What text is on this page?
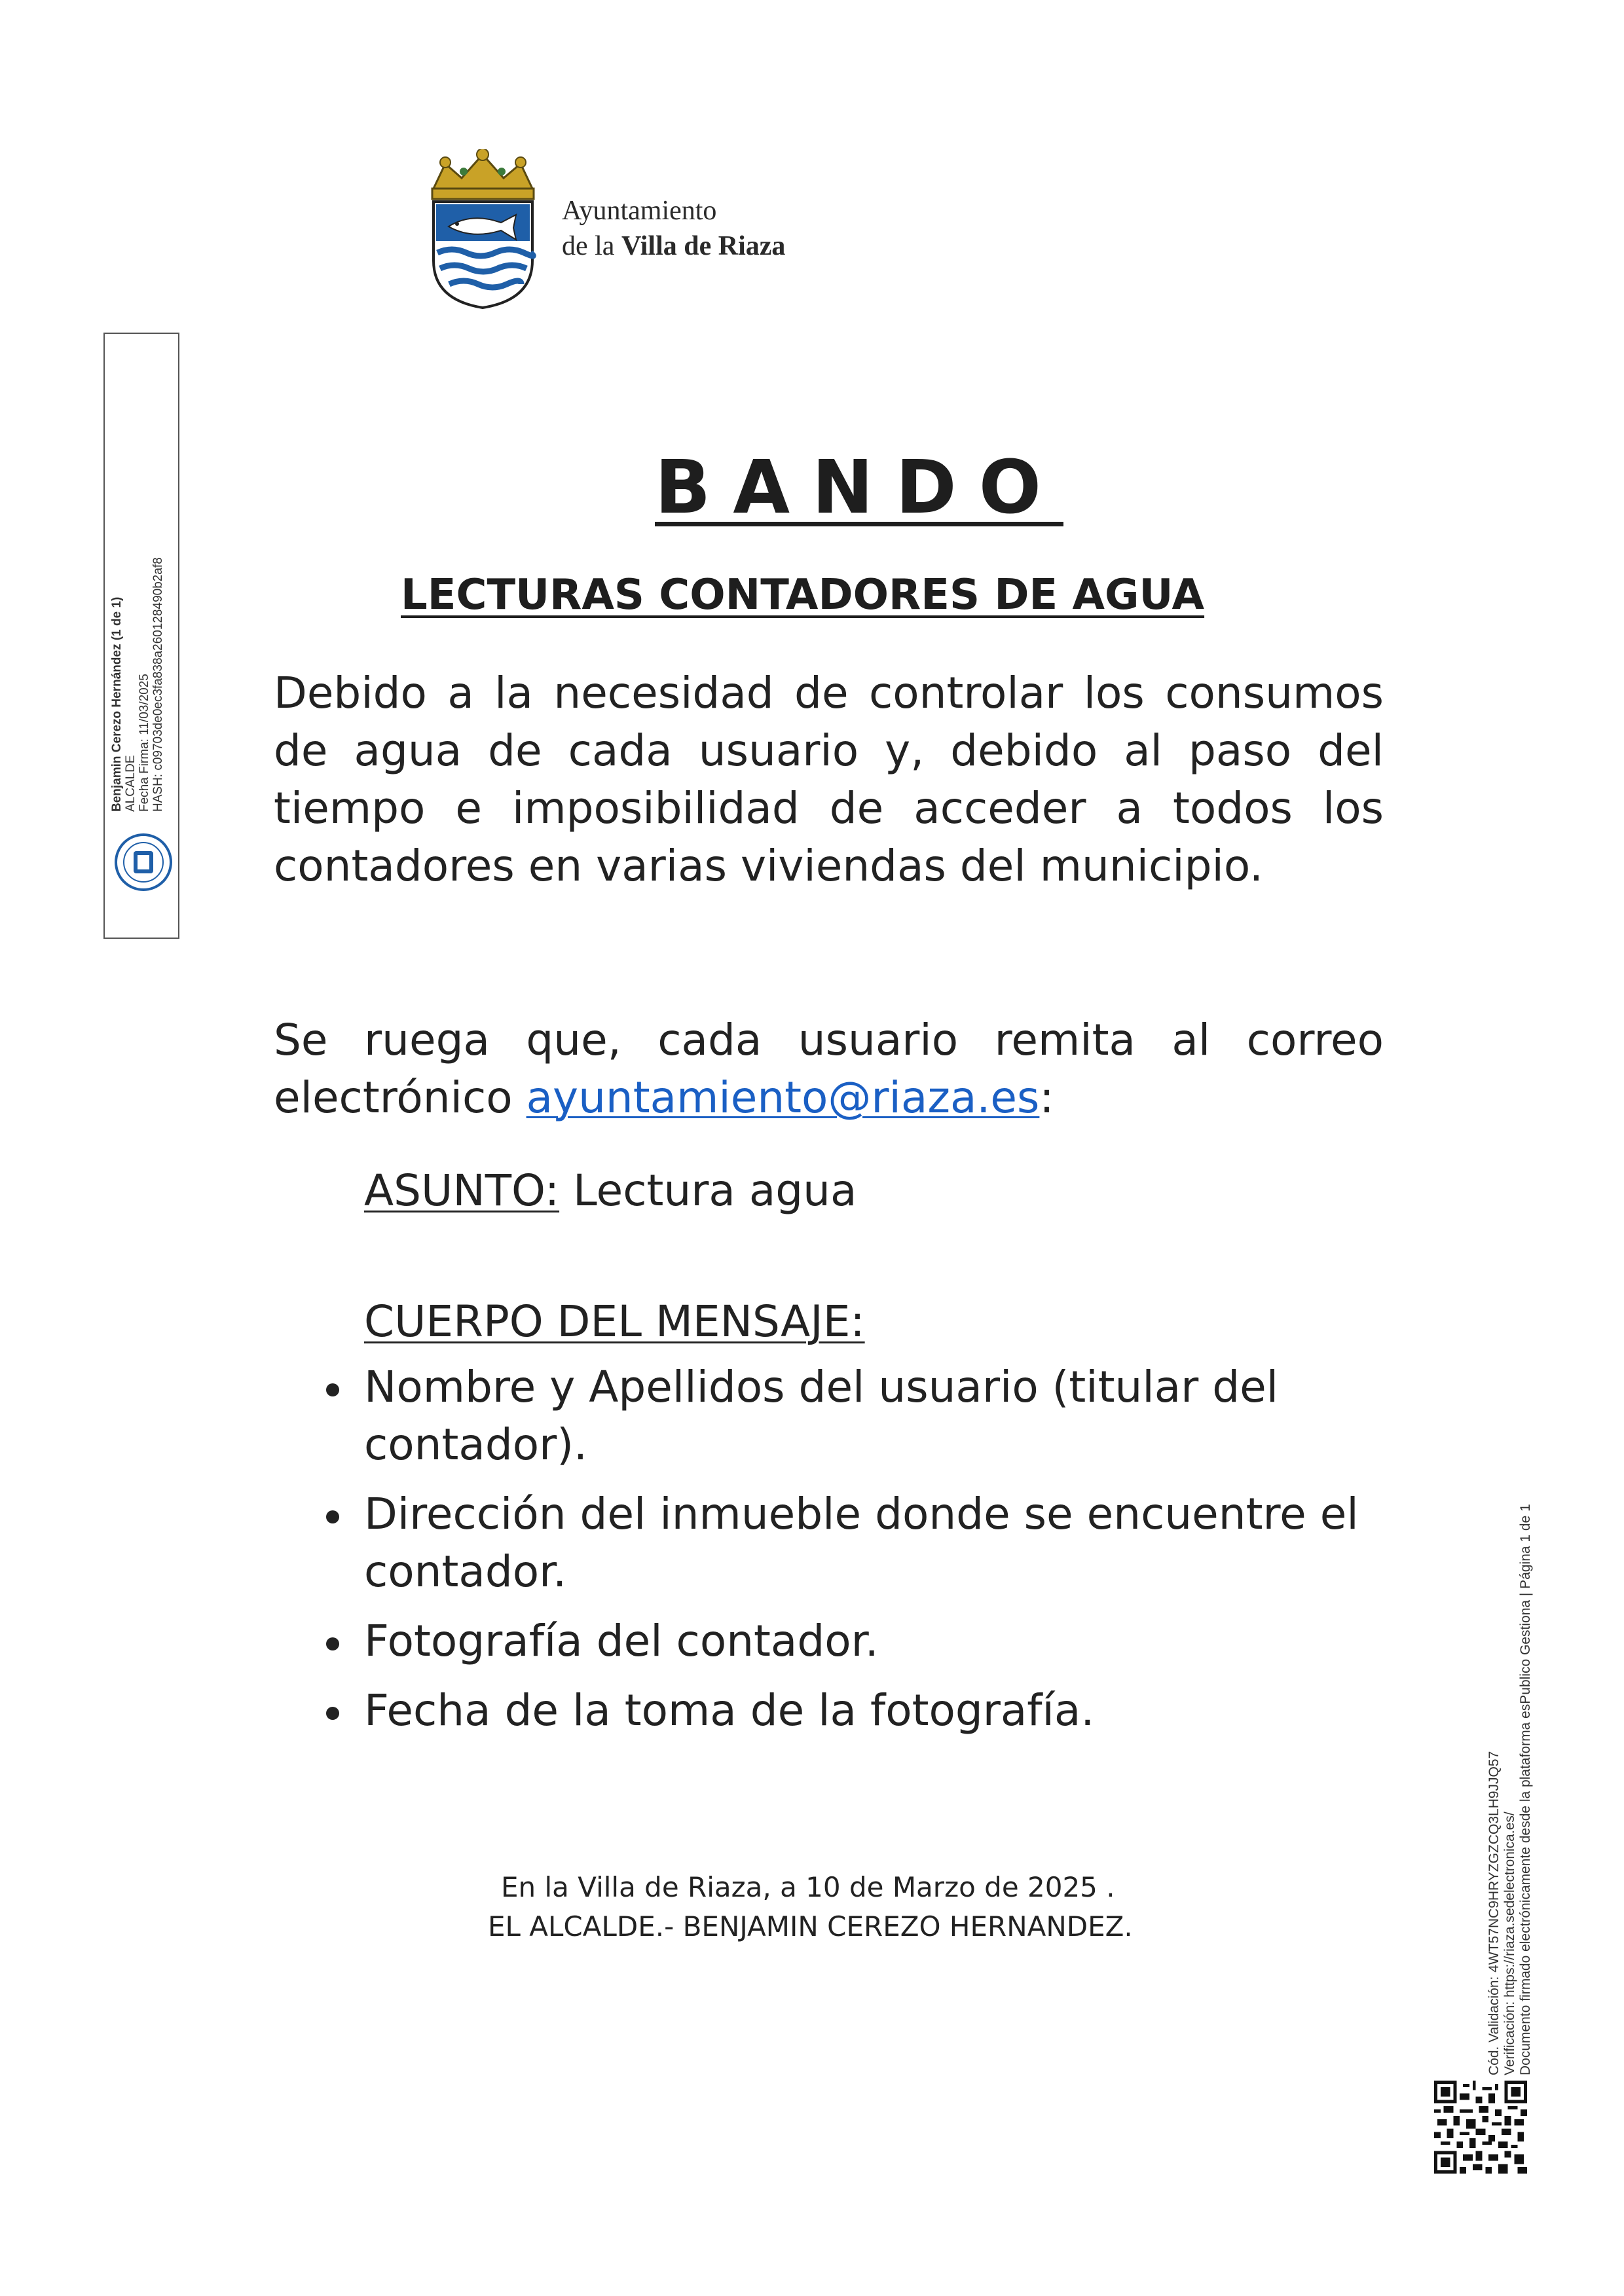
Ayuntamiento
de la Villa de Riaza
Benjamin Cerezo Hernández (1 de 1) ALCALDE Fecha Firma: 11/03/2025 HASH: c09703de0ec3fa838a260128490b2af8
BANDO
LECTURAS CONTADORES DE AGUA
Debido a la necesidad de controlar los consumos de agua de cada usuario y, debido al paso del tiempo e imposibilidad de acceder a todos los contadores en varias viviendas del municipio.
Se ruega que, cada usuario remita al correo electrónico ayuntamiento@riaza.es:
ASUNTO: Lectura agua
CUERPO DEL MENSAJE:
Nombre y Apellidos del usuario (titular del contador).
Dirección del inmueble donde se encuentre el contador.
Fotografía del contador.
Fecha de la toma de la fotografía.
En la Villa de Riaza, a 10 de Marzo de 2025 .
EL ALCALDE.- BENJAMIN CEREZO HERNANDEZ.	Cód. Validación: 4WT57NC9HRYZGZCQ3LH9JJQ57 Verificación: https://riaza.sedelectronica.es/ Documento firmado electrónicamente desde la plataforma esPublico Gestiona | Página 1 de 1
